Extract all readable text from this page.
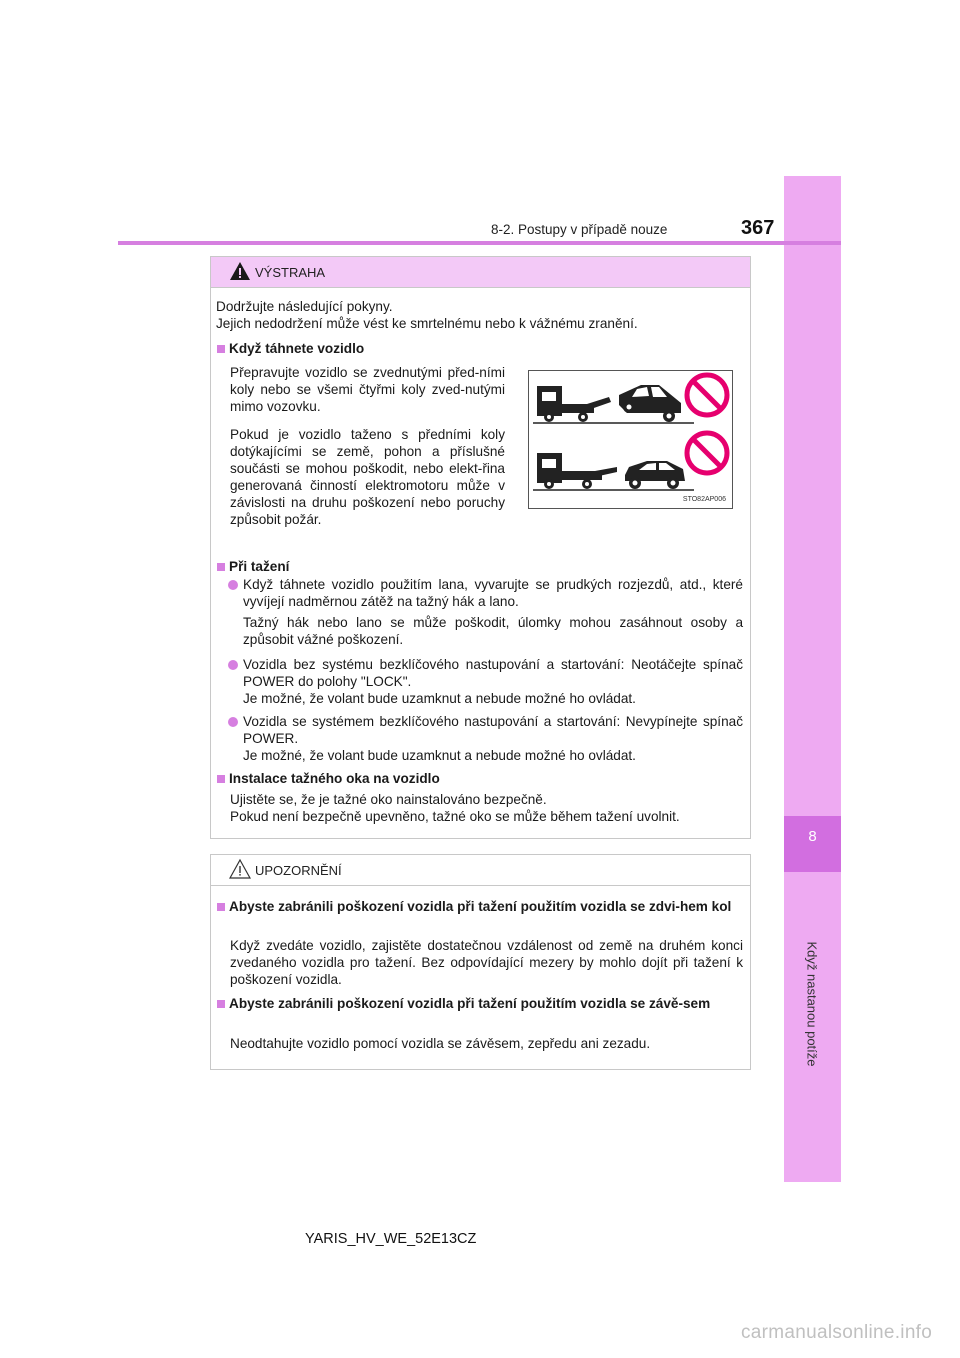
8
Když nastanou potíže
8-2. Postupy v případě nouze	367
VÝSTRAHA
Dodržujte následující pokyny.
Jejich nedodržení může vést ke smrtelnému nebo k vážnému zranění.
Když táhnete vozidlo
Přepravujte vozidlo se zvednutými před-ními koly nebo se všemi čtyřmi koly zved-nutými mimo vozovku.
Pokud je vozidlo taženo s předními koly dotýkajícími se země, pohon a příslušné součásti se mohou poškodit, nebo elekt-řina generovaná činností elektromotoru může v závislosti na druhu poškození nebo poruchy způsobit požár.
STO82AP006
Při tažení
Když táhnete vozidlo použitím lana, vyvarujte se prudkých rozjezdů, atd., které vyvíjejí nadměrnou zátěž na tažný hák a lano.
Tažný hák nebo lano se může poškodit, úlomky mohou zasáhnout osoby a způsobit vážné poškození.
Vozidla bez systému bezklíčového nastupování a startování: Neotáčejte spínač POWER do polohy "LOCK".
Je možné, že volant bude uzamknut a nebude možné ho ovládat.
Vozidla se systémem bezklíčového nastupování a startování: Nevypínejte spínač POWER.
Je možné, že volant bude uzamknut a nebude možné ho ovládat.
Instalace tažného oka na vozidlo
Ujistěte se, že je tažné oko nainstalováno bezpečně.
Pokud není bezpečně upevněno, tažné oko se může během tažení uvolnit.
UPOZORNĚNÍ
Abyste zabránili poškození vozidla při tažení použitím vozidla se zdvi-hem kol
Když zvedáte vozidlo, zajistěte dostatečnou vzdálenost od země na druhém konci zvedaného vozidla pro tažení. Bez odpovídající mezery by mohlo dojít při tažení k poškození vozidla.
Abyste zabránili poškození vozidla při tažení použitím vozidla se závě-sem
Neodtahujte vozidlo pomocí vozidla se závěsem, zepředu ani zezadu.
YARIS_HV_WE_52E13CZ
carmanualsonline.info
